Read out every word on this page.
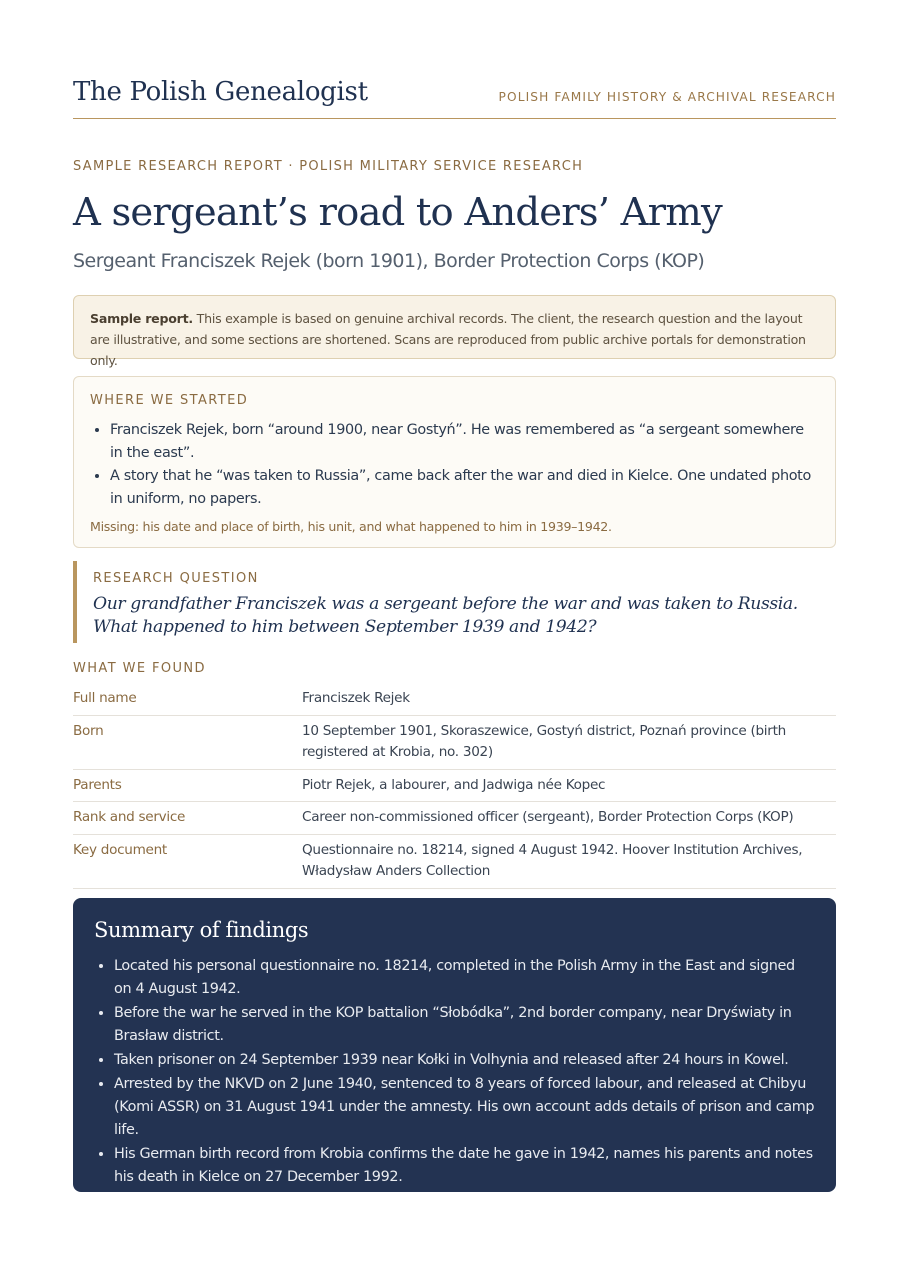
The Polish Genealogist	POLISH FAMILY HISTORY & ARCHIVAL RESEARCH
SAMPLE RESEARCH REPORT · POLISH MILITARY SERVICE RESEARCH
A sergeant’s road to Anders’ Army
Sergeant Franciszek Rejek (born 1901), Border Protection Corps (KOP)
Sample report. This example is based on genuine archival records. The client, the research question and the layout are illustrative, and some sections are shortened. Scans are reproduced from public archive portals for demonstration only.
WHERE WE STARTED
• Franciszek Rejek, born “around 1900, near Gostyń”. He was remembered as “a sergeant somewhere in the east”.
• A story that he “was taken to Russia”, came back after the war and died in Kielce. One undated photo in uniform, no papers.
Missing: his date and place of birth, his unit, and what happened to him in 1939–1942.
RESEARCH QUESTION
Our grandfather Franciszek was a sergeant before the war and was taken to Russia. What happened to him between September 1939 and 1942?
WHAT WE FOUND
Full name	Franciszek Rejek
Born	10 September 1901, Skoraszewice, Gostyń district, Poznań province (birth registered at Krobia, no. 302)
Parents	Piotr Rejek, a labourer, and Jadwiga née Kopec
Rank and service	Career non-commissioned officer (sergeant), Border Protection Corps (KOP)
Key document	Questionnaire no. 18214, signed 4 August 1942. Hoover Institution Archives, Władysław Anders Collection
Summary of findings
• Located his personal questionnaire no. 18214, completed in the Polish Army in the East and signed on 4 August 1942.
• Before the war he served in the KOP battalion “Słobódka”, 2nd border company, near Dryświaty in Brasław district.
• Taken prisoner on 24 September 1939 near Kołki in Volhynia and released after 24 hours in Kowel.
• Arrested by the NKVD on 2 June 1940, sentenced to 8 years of forced labour, and released at Chibyu (Komi ASSR) on 31 August 1941 under the amnesty. His own account adds details of prison and camp life.
• His German birth record from Krobia confirms the date he gave in 1942, names his parents and notes his death in Kielce on 27 December 1992.
